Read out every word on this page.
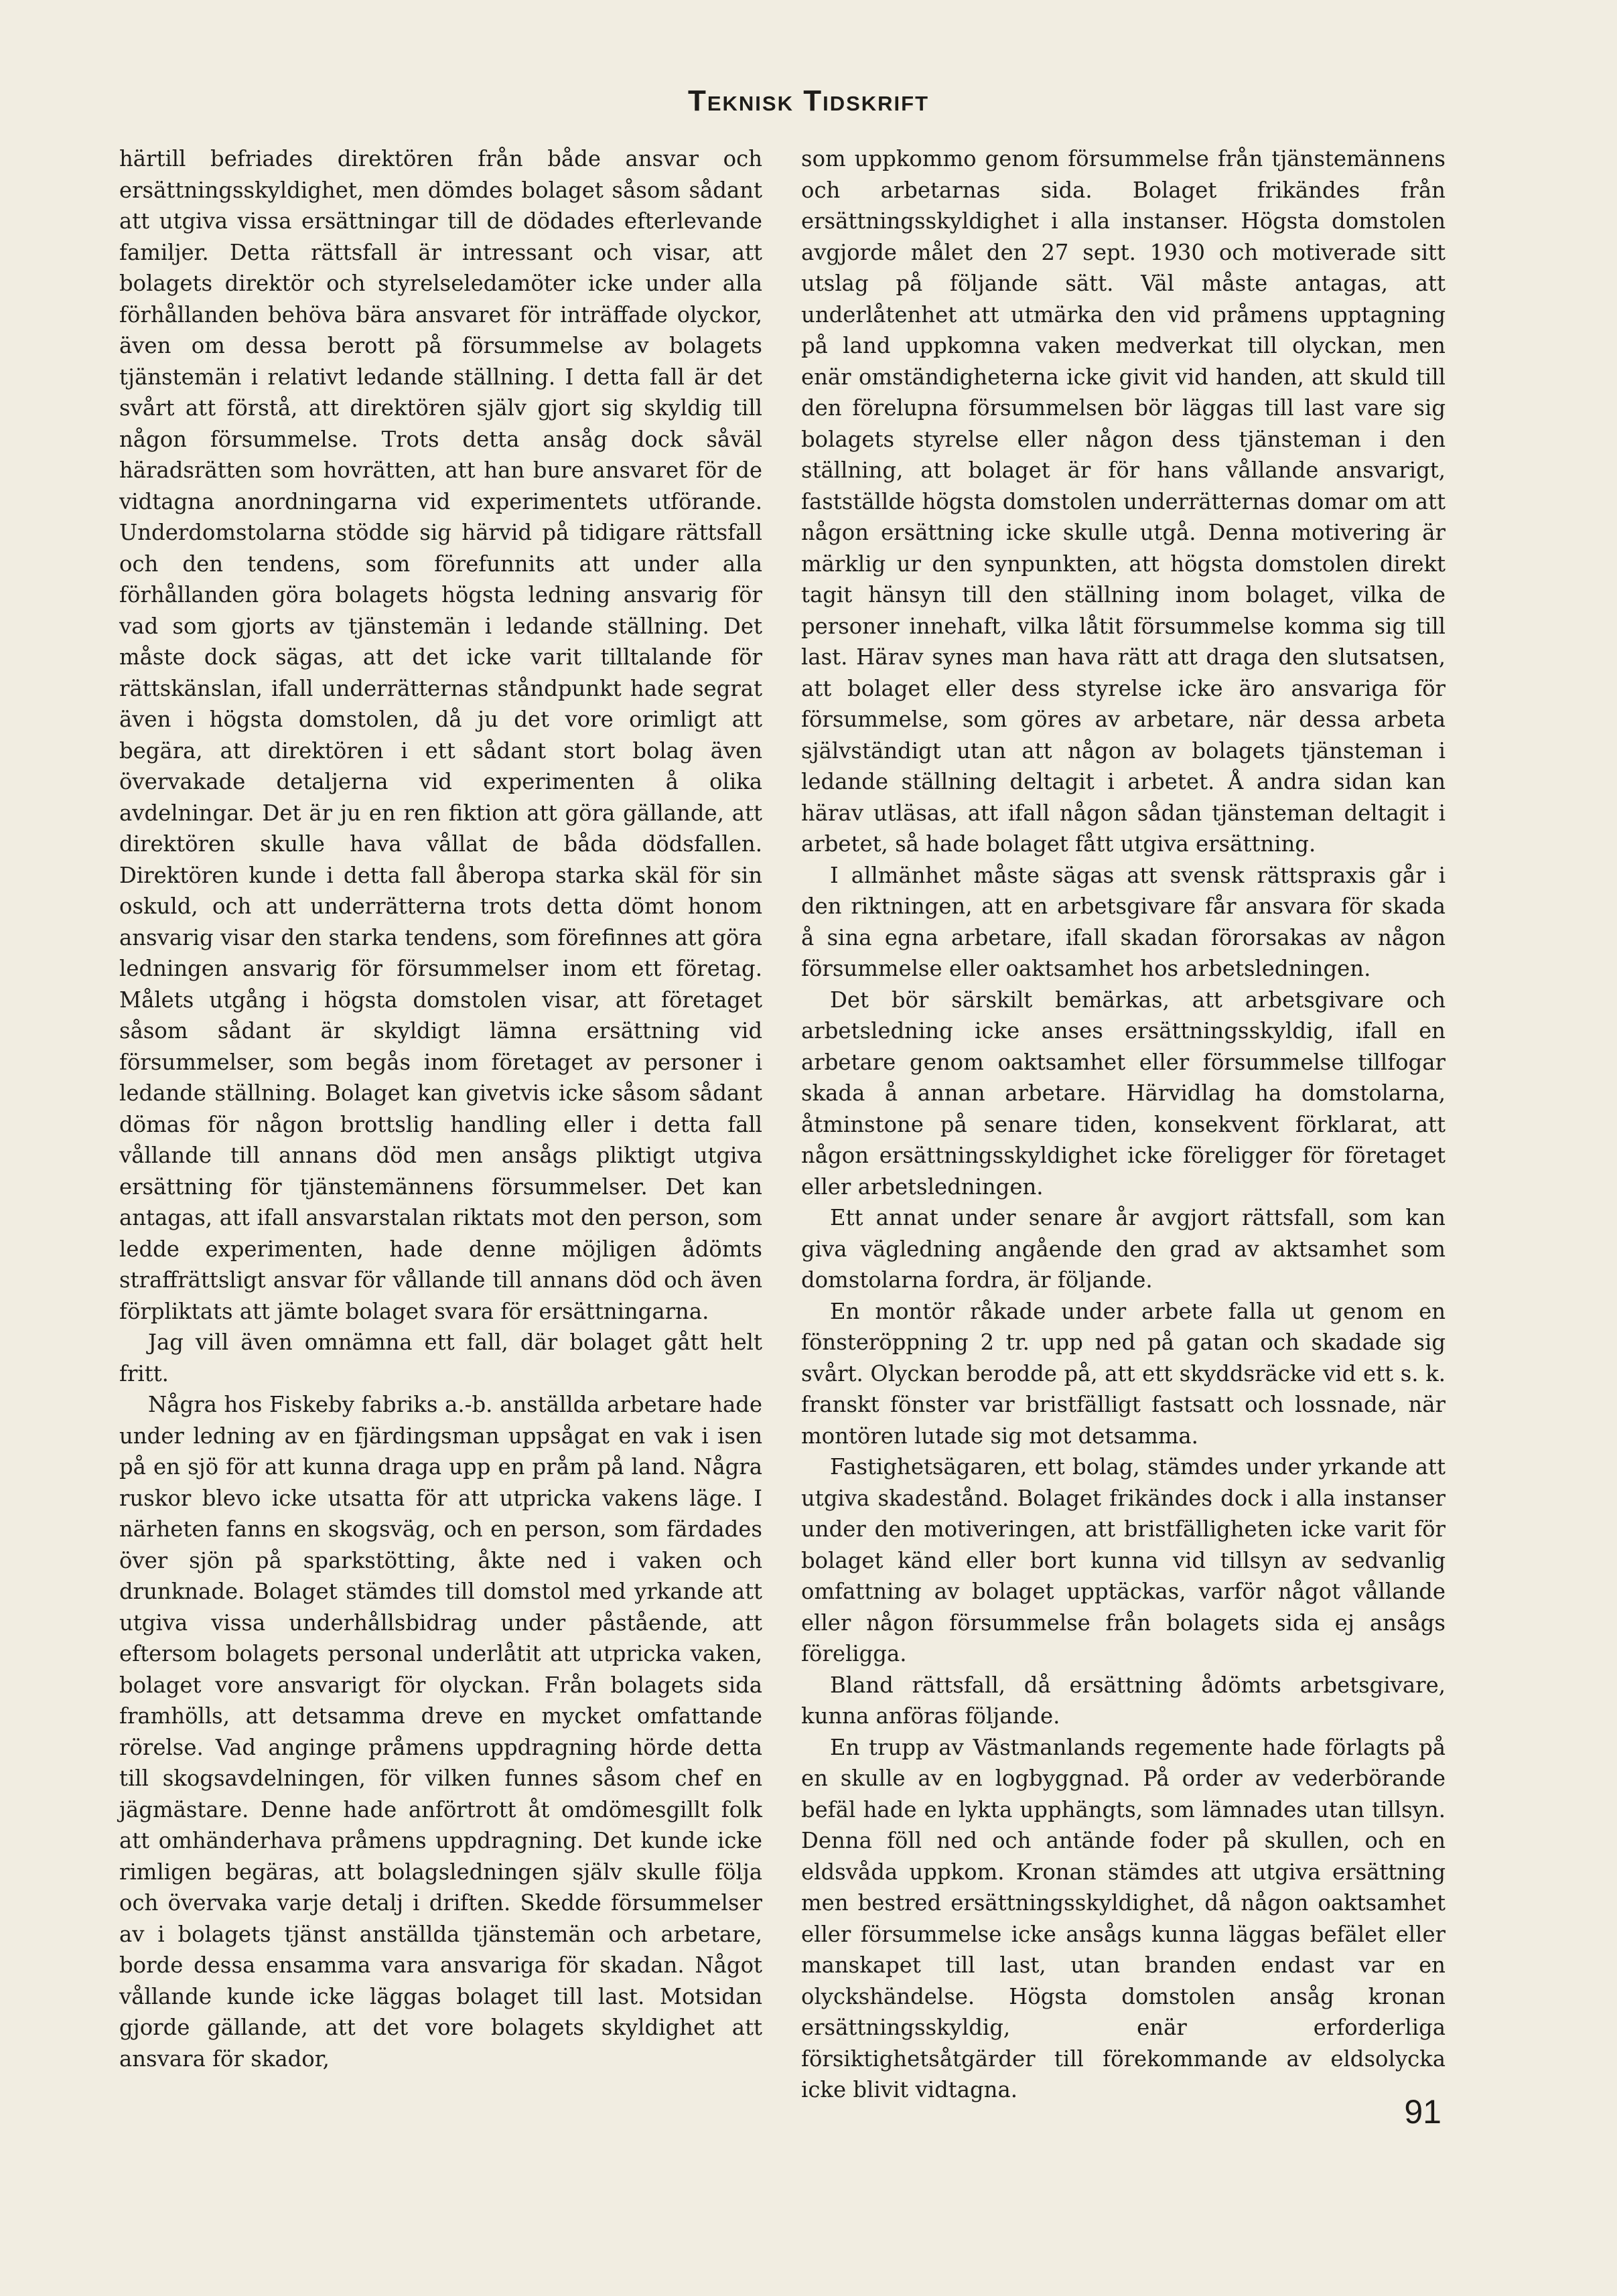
Teknisk Tidskrift

härtill befriades direktören från både ansvar och ersättningsskyldighet, men dömdes bolaget såsom sådant att utgiva vissa ersättningar till de dödades efterlevande familjer. Detta rättsfall är intressant och visar, att bolagets direktör och styrelseledamöter icke under alla förhållanden behöva bära ansvaret för inträffade olyckor, även om dessa berott på försummelse av bolagets tjänstemän i relativt ledande ställning. I detta fall är det svårt att förstå, att direktören själv gjort sig skyldig till någon försummelse. Trots detta ansåg dock såväl häradsrätten som hovrätten, att han bure ansvaret för de vidtagna anordningarna vid experimentets utförande. Underdomstolarna stödde sig härvid på tidigare rättsfall och den tendens, som förefunnits att under alla förhållanden göra bolagets högsta ledning ansvarig för vad som gjorts av tjänstemän i ledande ställning. Det måste dock sägas, att det icke varit tilltalande för rättskänslan, ifall underrätternas ståndpunkt hade segrat även i högsta domstolen, då ju det vore orimligt att begära, att direktören i ett sådant stort bolag även övervakade detaljerna vid experimenten å olika avdelningar. Det är ju en ren fiktion att göra gällande, att direktören skulle hava vållat de båda dödsfallen. Direktören kunde i detta fall åberopa starka skäl för sin oskuld, och att underrätterna trots detta dömt honom ansvarig visar den starka tendens, som förefinnes att göra ledningen ansvarig för försummelser inom ett företag. Målets utgång i högsta domstolen visar, att företaget såsom sådant är skyldigt lämna ersättning vid försummelser, som begås inom företaget av personer i ledande ställning. Bolaget kan givetvis icke såsom sådant dömas för någon brottslig handling eller i detta fall vållande till annans död men ansågs pliktigt utgiva ersättning för tjänstemännens försummelser. Det kan antagas, att ifall ansvarstalan riktats mot den person, som ledde experimenten, hade denne möjligen ådömts straffrättsligt ansvar för vållande till annans död och även förpliktats att jämte bolaget svara för ersättningarna.

Jag vill även omnämna ett fall, där bolaget gått helt fritt.

Några hos Fiskeby fabriks a.-b. anställda arbetare hade under ledning av en fjärdingsman uppsågat en vak i isen på en sjö för att kunna draga upp en pråm på land. Några ruskor blevo icke utsatta för att utpricka vakens läge. I närheten fanns en skogsväg, och en person, som färdades över sjön på sparkstötting, åkte ned i vaken och drunknade. Bolaget stämdes till domstol med yrkande att utgiva vissa underhållsbidrag under påstående, att eftersom bolagets personal underlåtit att utpricka vaken, bolaget vore ansvarigt för olyckan. Från bolagets sida framhölls, att detsamma dreve en mycket omfattande rörelse. Vad anginge pråmens uppdragning hörde detta till skogsavdelningen, för vilken funnes såsom chef en jägmästare. Denne hade anförtrott åt omdömesgillt folk att omhänderhava pråmens uppdragning. Det kunde icke rimligen begäras, att bolagsledningen själv skulle följa och övervaka varje detalj i driften. Skedde försummelser av i bolagets tjänst anställda tjänstemän och arbetare, borde dessa ensamma vara ansvariga för skadan. Något vållande kunde icke läggas bolaget till last. Motsidan gjorde gällande, att det vore bolagets skyldighet att ansvara för skador,

som uppkommo genom försummelse från tjänstemännens och arbetarnas sida. Bolaget frikändes från ersättningsskyldighet i alla instanser. Högsta domstolen avgjorde målet den 27 sept. 1930 och motiverade sitt utslag på följande sätt. Väl måste antagas, att underlåtenhet att utmärka den vid pråmens upptagning på land uppkomna vaken medverkat till olyckan, men enär omständigheterna icke givit vid handen, att skuld till den förelupna försummelsen bör läggas till last vare sig bolagets styrelse eller någon dess tjänsteman i den ställning, att bolaget är för hans vållande ansvarigt, fastställde högsta domstolen underrätternas domar om att någon ersättning icke skulle utgå. Denna motivering är märklig ur den synpunkten, att högsta domstolen direkt tagit hänsyn till den ställning inom bolaget, vilka de personer innehaft, vilka låtit försummelse komma sig till last. Härav synes man hava rätt att draga den slutsatsen, att bolaget eller dess styrelse icke äro ansvariga för försummelse, som göres av arbetare, när dessa arbeta självständigt utan att någon av bolagets tjänsteman i ledande ställning deltagit i arbetet. Å andra sidan kan härav utläsas, att ifall någon sådan tjänsteman deltagit i arbetet, så hade bolaget fått utgiva ersättning.

I allmänhet måste sägas att svensk rättspraxis går i den riktningen, att en arbetsgivare får ansvara för skada å sina egna arbetare, ifall skadan förorsakas av någon försummelse eller oaktsamhet hos arbetsledningen.

Det bör särskilt bemärkas, att arbetsgivare och arbetsledning icke anses ersättningsskyldig, ifall en arbetare genom oaktsamhet eller försummelse tillfogar skada å annan arbetare. Härvidlag ha domstolarna, åtminstone på senare tiden, konsekvent förklarat, att någon ersättningsskyldighet icke föreligger för företaget eller arbetsledningen.

Ett annat under senare år avgjort rättsfall, som kan giva vägledning angående den grad av aktsamhet som domstolarna fordra, är följande.

En montör råkade under arbete falla ut genom en fönsteröppning 2 tr. upp ned på gatan och skadade sig svårt. Olyckan berodde på, att ett skyddsräcke vid ett s. k. franskt fönster var bristfälligt fastsatt och lossnade, när montören lutade sig mot detsamma.

Fastighetsägaren, ett bolag, stämdes under yrkande att utgiva skadestånd. Bolaget frikändes dock i alla instanser under den motiveringen, att bristfälligheten icke varit för bolaget känd eller bort kunna vid tillsyn av sedvanlig omfattning av bolaget upptäckas, varför något vållande eller någon försummelse från bolagets sida ej ansågs föreligga.

Bland rättsfall, då ersättning ådömts arbetsgivare, kunna anföras följande.

En trupp av Västmanlands regemente hade förlagts på en skulle av en logbyggnad. På order av vederbörande befäl hade en lykta upphängts, som lämnades utan tillsyn. Denna föll ned och antände foder på skullen, och en eldsvåda uppkom. Kronan stämdes att utgiva ersättning men bestred ersättningsskyldighet, då någon oaktsamhet eller försummelse icke ansågs kunna läggas befälet eller manskapet till last, utan branden endast var en olyckshändelse. Högsta domstolen ansåg kronan ersättningsskyldig, enär erforderliga försiktighetsåtgärder till förekommande av eldsolycka icke blivit vidtagna.

91
